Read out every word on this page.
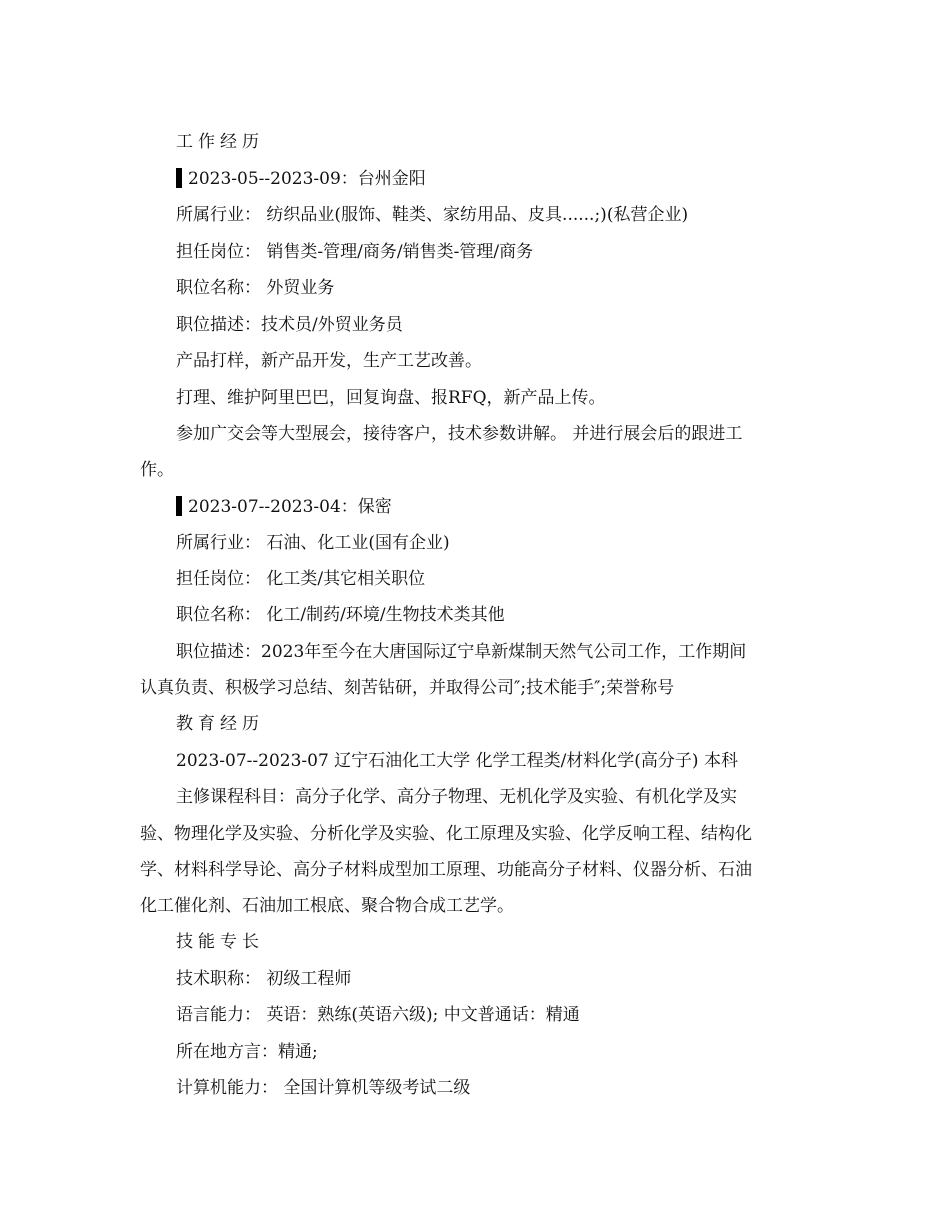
工作经历
2023-05--2023-09：台州金阳
所属行业： 纺织品业(服饰、鞋类、家纺用品、皮具......;)(私营企业)
担任岗位： 销售类-管理/商务/销售类-管理/商务
职位名称： 外贸业务
职位描述：技术员/外贸业务员
产品打样，新产品开发，生产工艺改善。
打理、维护阿里巴巴，回复询盘、报RFQ，新产品上传。
参加广交会等大型展会，接待客户，技术参数讲解。 并进行展会后的跟进工
作。
2023-07--2023-04：保密
所属行业： 石油、化工业(国有企业)
担任岗位： 化工类/其它相关职位
职位名称： 化工/制药/环境/生物技术类其他
职位描述：2023年至今在大唐国际辽宁阜新煤制天然气公司工作，工作期间
认真负责、积极学习总结、刻苦钻研，并取得公司″;技术能手″;荣誉称号
教育经历
2023-07--2023-07 辽宁石油化工大学 化学工程类/材料化学(高分子) 本科
主修课程科目：高分子化学、高分子物理、无机化学及实验、有机化学及实
验、物理化学及实验、分析化学及实验、化工原理及实验、化学反响工程、结构化
学、材料科学导论、高分子材料成型加工原理、功能高分子材料、仪器分析、石油
化工催化剂、石油加工根底、聚合物合成工艺学。
技能专长
技术职称： 初级工程师
语言能力： 英语：熟练(英语六级); 中文普通话：精通
所在地方言：精通;
计算机能力： 全国计算机等级考试二级
